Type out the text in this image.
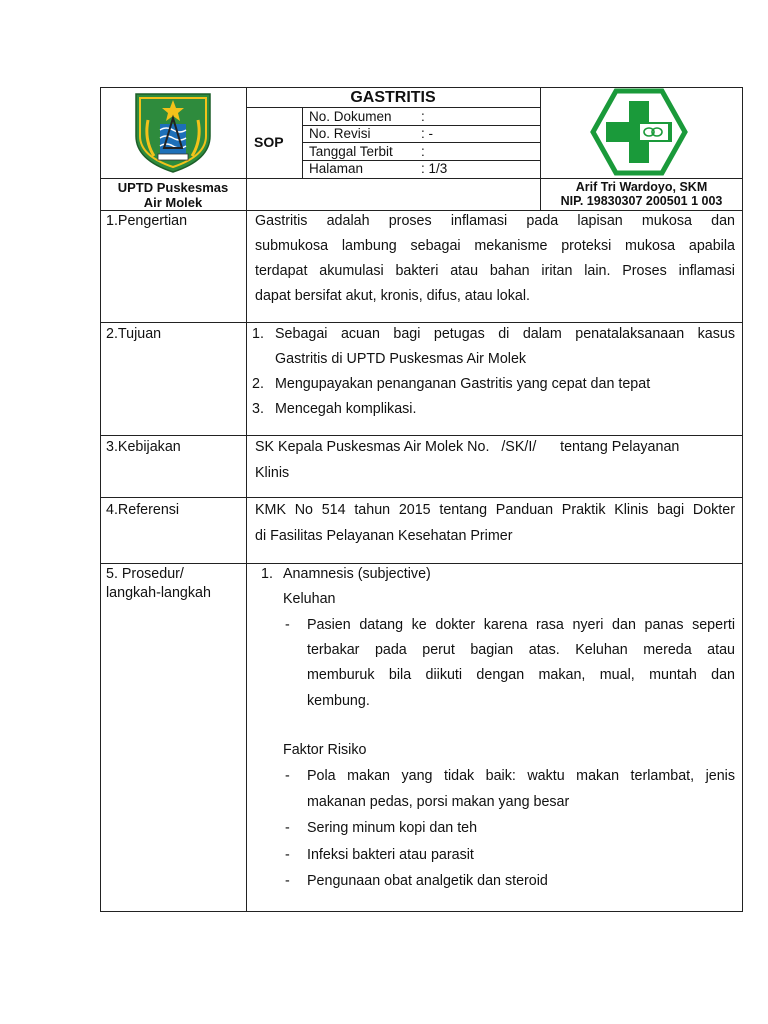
GASTRITIS
SOP
No. Dokumen :
No. Revisi	: -
Tanggal Terbit :
Halaman	: 1/3
UPTD Puskesmas
Air Molek
Arif Tri Wardoyo, SKM
NIP. 19830307 200501 1 003
1.Pengertian	Gastritis adalah proses inflamasi pada lapisan mukosa dan
submukosa lambung sebagai mekanisme proteksi mukosa apabila
terdapat akumulasi bakteri atau bahan iritan lain. Proses inflamasi
dapat bersifat akut, kronis, difus, atau lokal.
2.Tujuan	1. Sebagai acuan bagi petugas di dalam penatalaksanaan kasus
Gastritis di UPTD Puskesmas Air Molek
2. Mengupayakan penanganan Gastritis yang cepat dan tepat
3. Mencegah komplikasi.
3.Kebijakan	SK Kepala Puskesmas Air Molek No.   /SK/I/      tentang Pelayanan
Klinis
4.Referensi	KMK No 514 tahun 2015 tentang Panduan Praktik Klinis bagi Dokter
di Fasilitas Pelayanan Kesehatan Primer
5. Prosedur/
langkah-langkah
1. Anamnesis (subjective)
Keluhan
- Pasien datang ke dokter karena rasa nyeri dan panas seperti
terbakar pada perut bagian atas. Keluhan mereda atau
memburuk bila diikuti dengan makan, mual, muntah dan
kembung.
Faktor Risiko
- Pola makan yang tidak baik: waktu makan terlambat, jenis
makanan pedas, porsi makan yang besar
- Sering minum kopi dan teh
- Infeksi bakteri atau parasit
- Pengunaan obat analgetik dan steroid
